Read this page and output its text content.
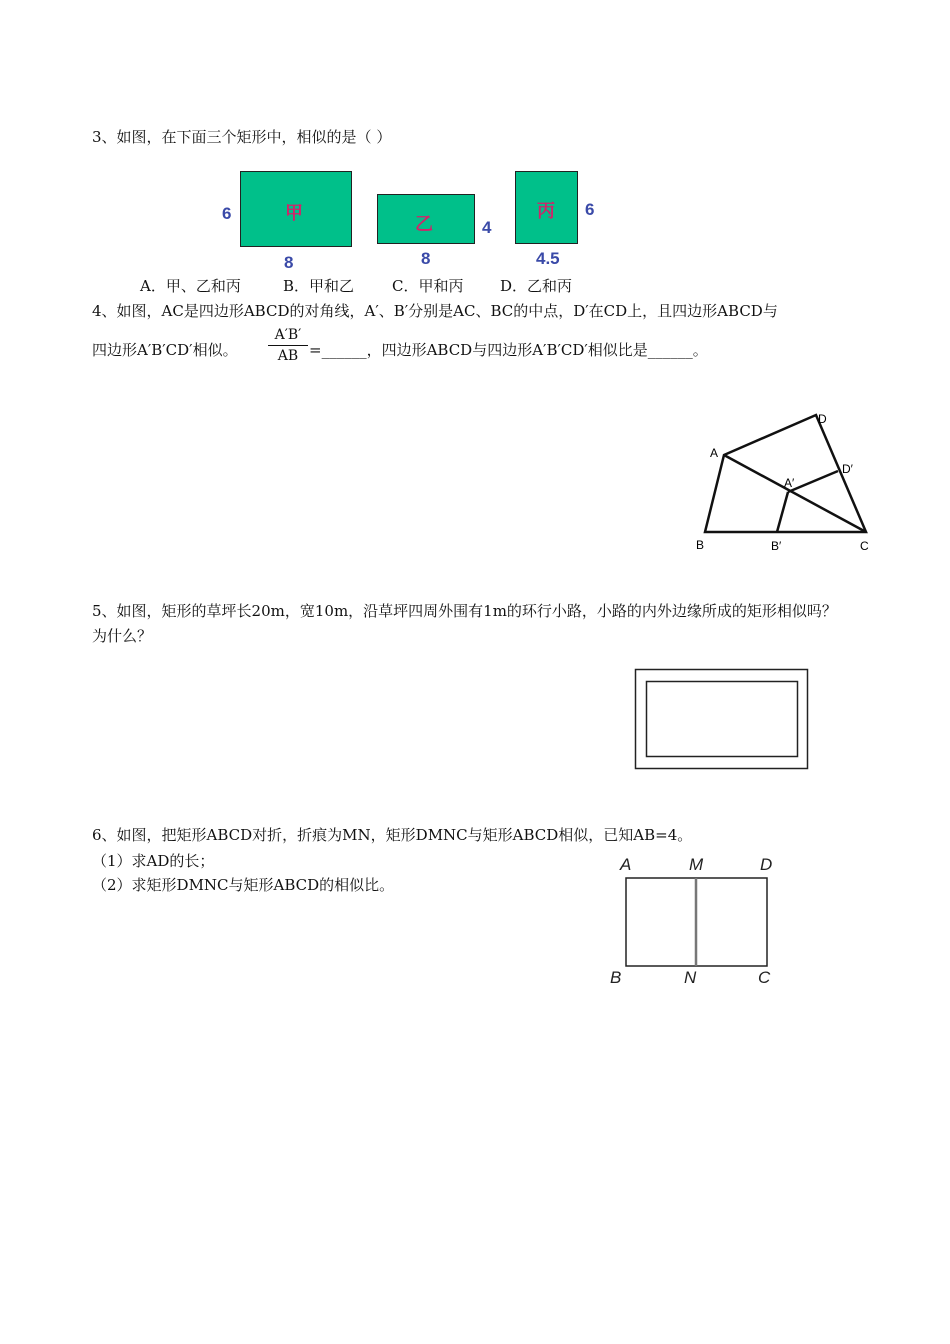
3、如图，在下面三个矩形中，相似的是（ ）
甲
6
8
乙	4
8
丙 6
4.5
A．甲、乙和丙	B．甲和乙	C．甲和丙 D．乙和丙
4、如图，AC是四边形ABCD的对角线，A′、B′分别是AC、BC的中点，D′在CD上，且四边形ABCD与
四边形A′B′CD′相似。
A′B′
AB =______，四边形ABCD与四边形A′B′CD′相似比是______。
A
D
D′
A′
B	B′	C
5、如图，矩形的草坪长20m，宽10m，沿草坪四周外围有1m的环行小路，小路的内外边缘所成的矩形相似吗？
为什么？
6、如图，把矩形ABCD对折，折痕为MN，矩形DMNC与矩形ABCD相似，已知AB=4。
（1）求AD的长；
（2）求矩形DMNC与矩形ABCD的相似比。
A	M	D
B	N	C
